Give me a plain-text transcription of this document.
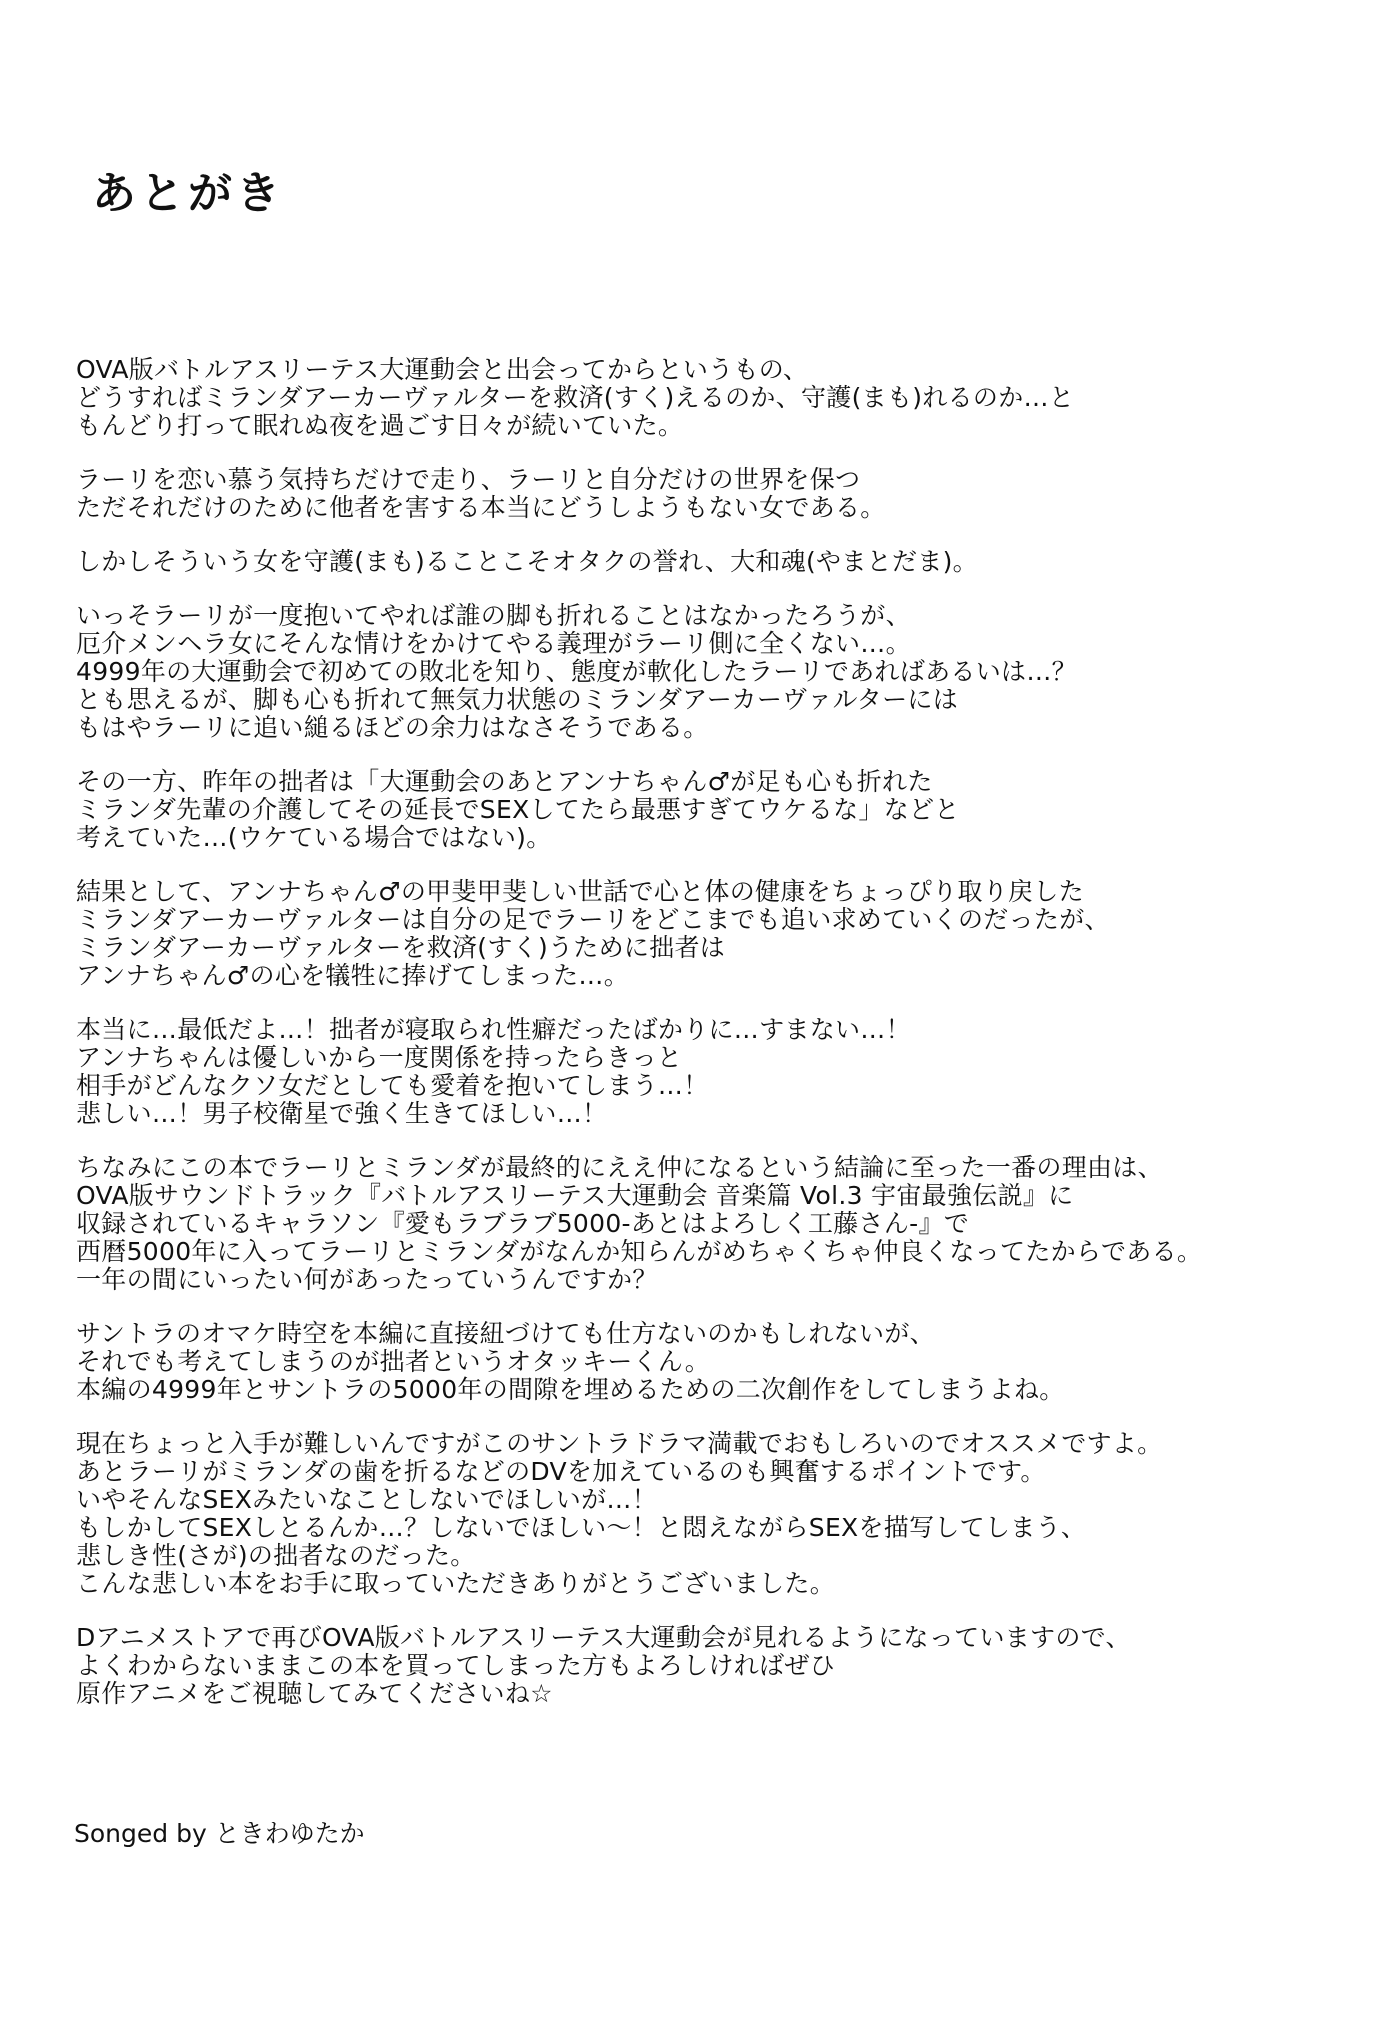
あとがき
OVA版バトルアスリーテス大運動会と出会ってからというもの、
どうすればミランダアーカーヴァルターを救済(すく)えるのか、守護(まも)れるのか…と
もんどり打って眠れぬ夜を過ごす日々が続いていた。
ラーリを恋い慕う気持ちだけで走り、ラーリと自分だけの世界を保つ
ただそれだけのために他者を害する本当にどうしようもない女である。
しかしそういう女を守護(まも)ることこそオタクの誉れ、大和魂(やまとだま)。
いっそラーリが一度抱いてやれば誰の脚も折れることはなかったろうが、
厄介メンヘラ女にそんな情けをかけてやる義理がラーリ側に全くない…。
4999年の大運動会で初めての敗北を知り、態度が軟化したラーリであればあるいは…？
とも思えるが、脚も心も折れて無気力状態のミランダアーカーヴァルターには
もはやラーリに追い縋るほどの余力はなさそうである。
その一方、昨年の拙者は「大運動会のあとアンナちゃん♂が足も心も折れた
ミランダ先輩の介護してその延長でSEXしてたら最悪すぎてウケるな」などと
考えていた…(ウケている場合ではない)。
結果として、アンナちゃん♂の甲斐甲斐しい世話で心と体の健康をちょっぴり取り戻した
ミランダアーカーヴァルターは自分の足でラーリをどこまでも追い求めていくのだったが、
ミランダアーカーヴァルターを救済(すく)うために拙者は
アンナちゃん♂の心を犠牲に捧げてしまった…。
本当に…最低だよ…！拙者が寝取られ性癖だったばかりに…すまない…！
アンナちゃんは優しいから一度関係を持ったらきっと
相手がどんなクソ女だとしても愛着を抱いてしまう…！
悲しい…！男子校衛星で強く生きてほしい…！
ちなみにこの本でラーリとミランダが最終的にええ仲になるという結論に至った一番の理由は、
OVA版サウンドトラック『バトルアスリーテス大運動会 音楽篇 Vol.3 宇宙最強伝説』に
収録されているキャラソン『愛もラブラブ5000-あとはよろしく工藤さん-』で
西暦5000年に入ってラーリとミランダがなんか知らんがめちゃくちゃ仲良くなってたからである。
一年の間にいったい何があったっていうんですか？
サントラのオマケ時空を本編に直接紐づけても仕方ないのかもしれないが、
それでも考えてしまうのが拙者というオタッキーくん。
本編の4999年とサントラの5000年の間隙を埋めるための二次創作をしてしまうよね。
現在ちょっと入手が難しいんですがこのサントラドラマ満載でおもしろいのでオススメですよ。
あとラーリがミランダの歯を折るなどのDVを加えているのも興奮するポイントです。
いやそんなSEXみたいなことしないでほしいが…！
もしかしてSEXしとるんか…？しないでほしい～！と悶えながらSEXを描写してしまう、
悲しき性(さが)の拙者なのだった。
こんな悲しい本をお手に取っていただきありがとうございました。
Dアニメストアで再びOVA版バトルアスリーテス大運動会が見れるようになっていますので、
よくわからないままこの本を買ってしまった方もよろしければぜひ
原作アニメをご視聴してみてくださいね☆
Songed by ときわゆたか
